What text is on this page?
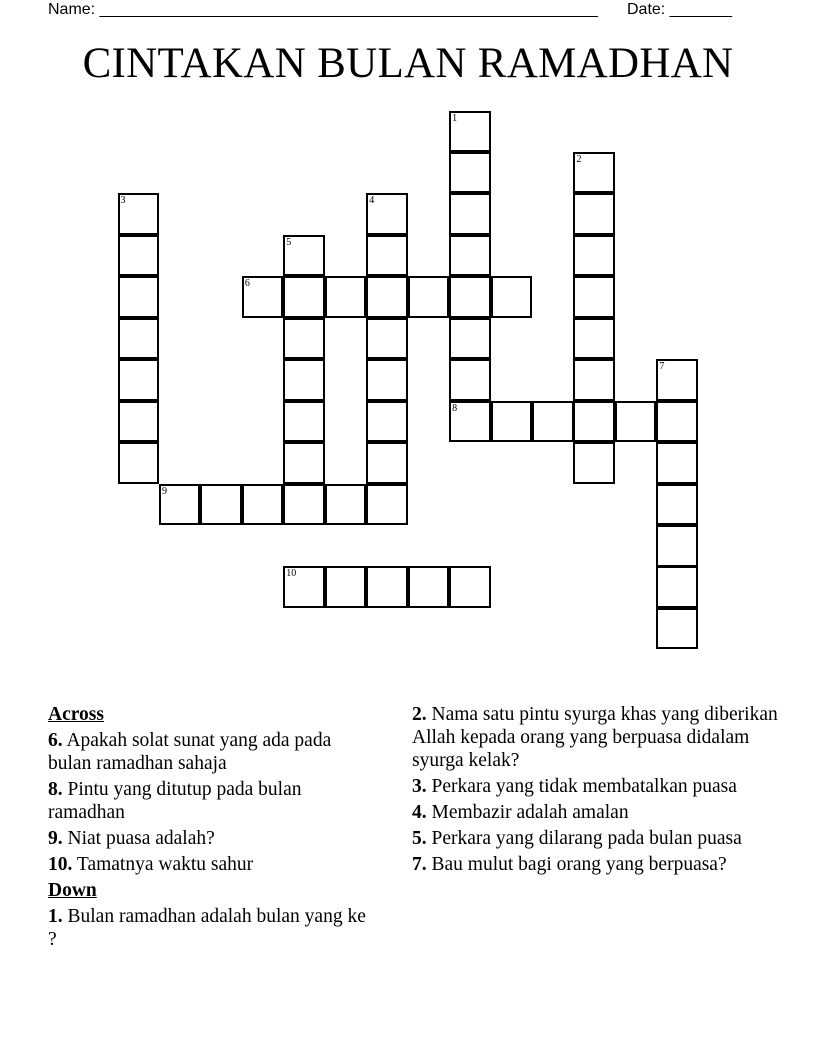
Name: ________________________________________________________ Date: _______
CINTAKAN BULAN RAMADHAN
1
2
3	4
5
6
7
8
9
10
Across
6. Apakah solat sunat yang ada pada bulan ramadhan sahaja
8. Pintu yang ditutup pada bulan ramadhan
9. Niat puasa adalah?
10. Tamatnya waktu sahur
Down
1. Bulan ramadhan adalah bulan yang ke ?
2. Nama satu pintu syurga khas yang diberikan Allah kepada orang yang berpuasa didalam syurga kelak?
3. Perkara yang tidak membatalkan puasa
4. Membazir adalah amalan
5. Perkara yang dilarang pada bulan puasa
7. Bau mulut bagi orang yang berpuasa?
